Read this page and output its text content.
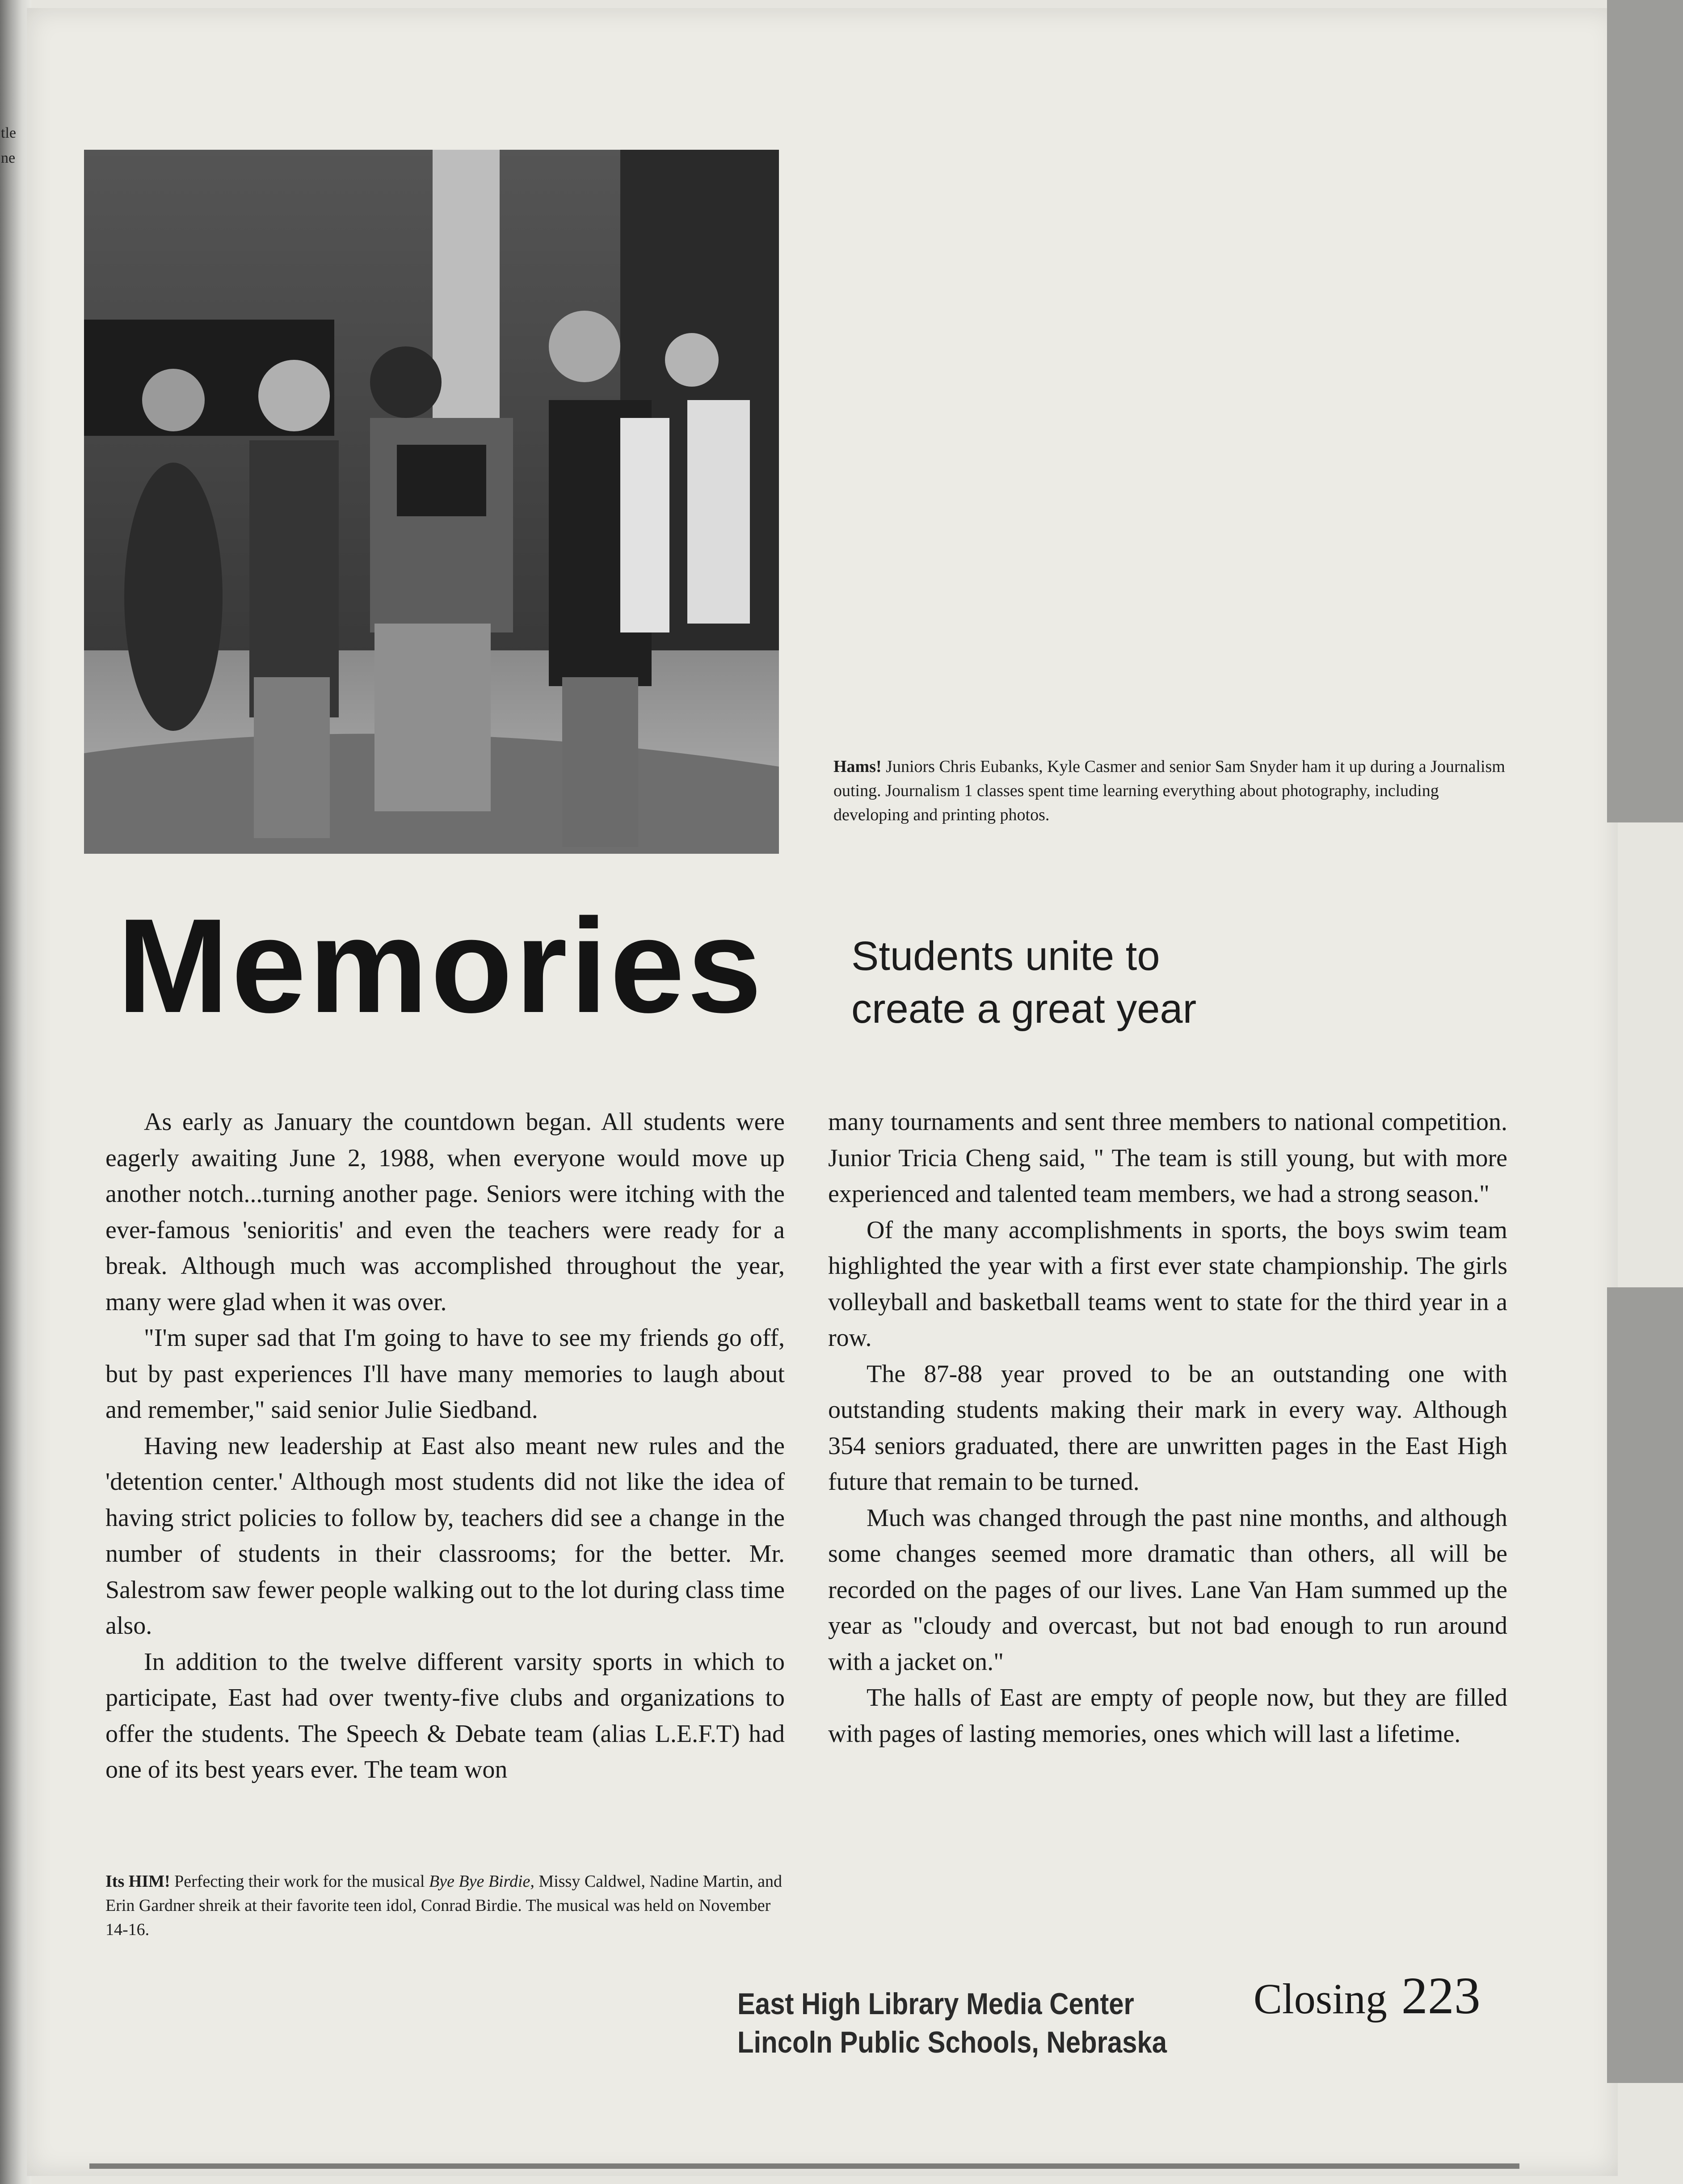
tle
ne
Hams! Juniors Chris Eubanks, Kyle Casmer and senior Sam Snyder ham it up during a Journalism outing. Journalism 1 classes spent time learning everything about photography, including developing and printing photos.
Memories Students unite to create a great year

As early as January the countdown began. All students were eagerly awaiting June 2, 1988, when everyone would move up another notch...turning another page. Seniors were itching with the ever-famous 'senioritis' and even the teachers were ready for a break. Although much was accomplished throughout the year, many were glad when it was over.

"I'm super sad that I'm going to have to see my friends go off, but by past experiences I'll have many memories to laugh about and remember," said senior Julie Siedband.

Having new leadership at East also meant new rules and the 'detention center.' Although most students did not like the idea of having strict policies to follow by, teachers did see a change in the number of students in their classrooms; for the better. Mr. Salestrom saw fewer people walking out to the lot during class time also.

In addition to the twelve different varsity sports in which to participate, East had over twenty-five clubs and organizations to offer the students. The Speech & Debate team (alias L.E.F.T) had one of its best years ever. The team won

many tournaments and sent three members to national competition. Junior Tricia Cheng said, " The team is still young, but with more experienced and talented team members, we had a strong season."

Of the many accomplishments in sports, the boys swim team highlighted the year with a first ever state championship. The girls volleyball and basketball teams went to state for the third year in a row.

The 87-88 year proved to be an outstanding one with outstanding students making their mark in every way. Although 354 seniors graduated, there are unwritten pages in the East High future that remain to be turned.

Much was changed through the past nine months, and although some changes seemed more dramatic than others, all will be recorded on the pages of our lives. Lane Van Ham summed up the year as "cloudy and overcast, but not bad enough to run around with a jacket on."

The halls of East are empty of people now, but they are filled with pages of lasting memories, ones which will last a lifetime.

Its HIM! Perfecting their work for the musical Bye Bye Birdie, Missy Caldwel, Nadine Martin, and Erin Gardner shreik at their favorite teen idol, Conrad Birdie. The musical was held on November 14-16.
East High Library Media Center
Lincoln Public Schools, Nebraska
Closing 223
